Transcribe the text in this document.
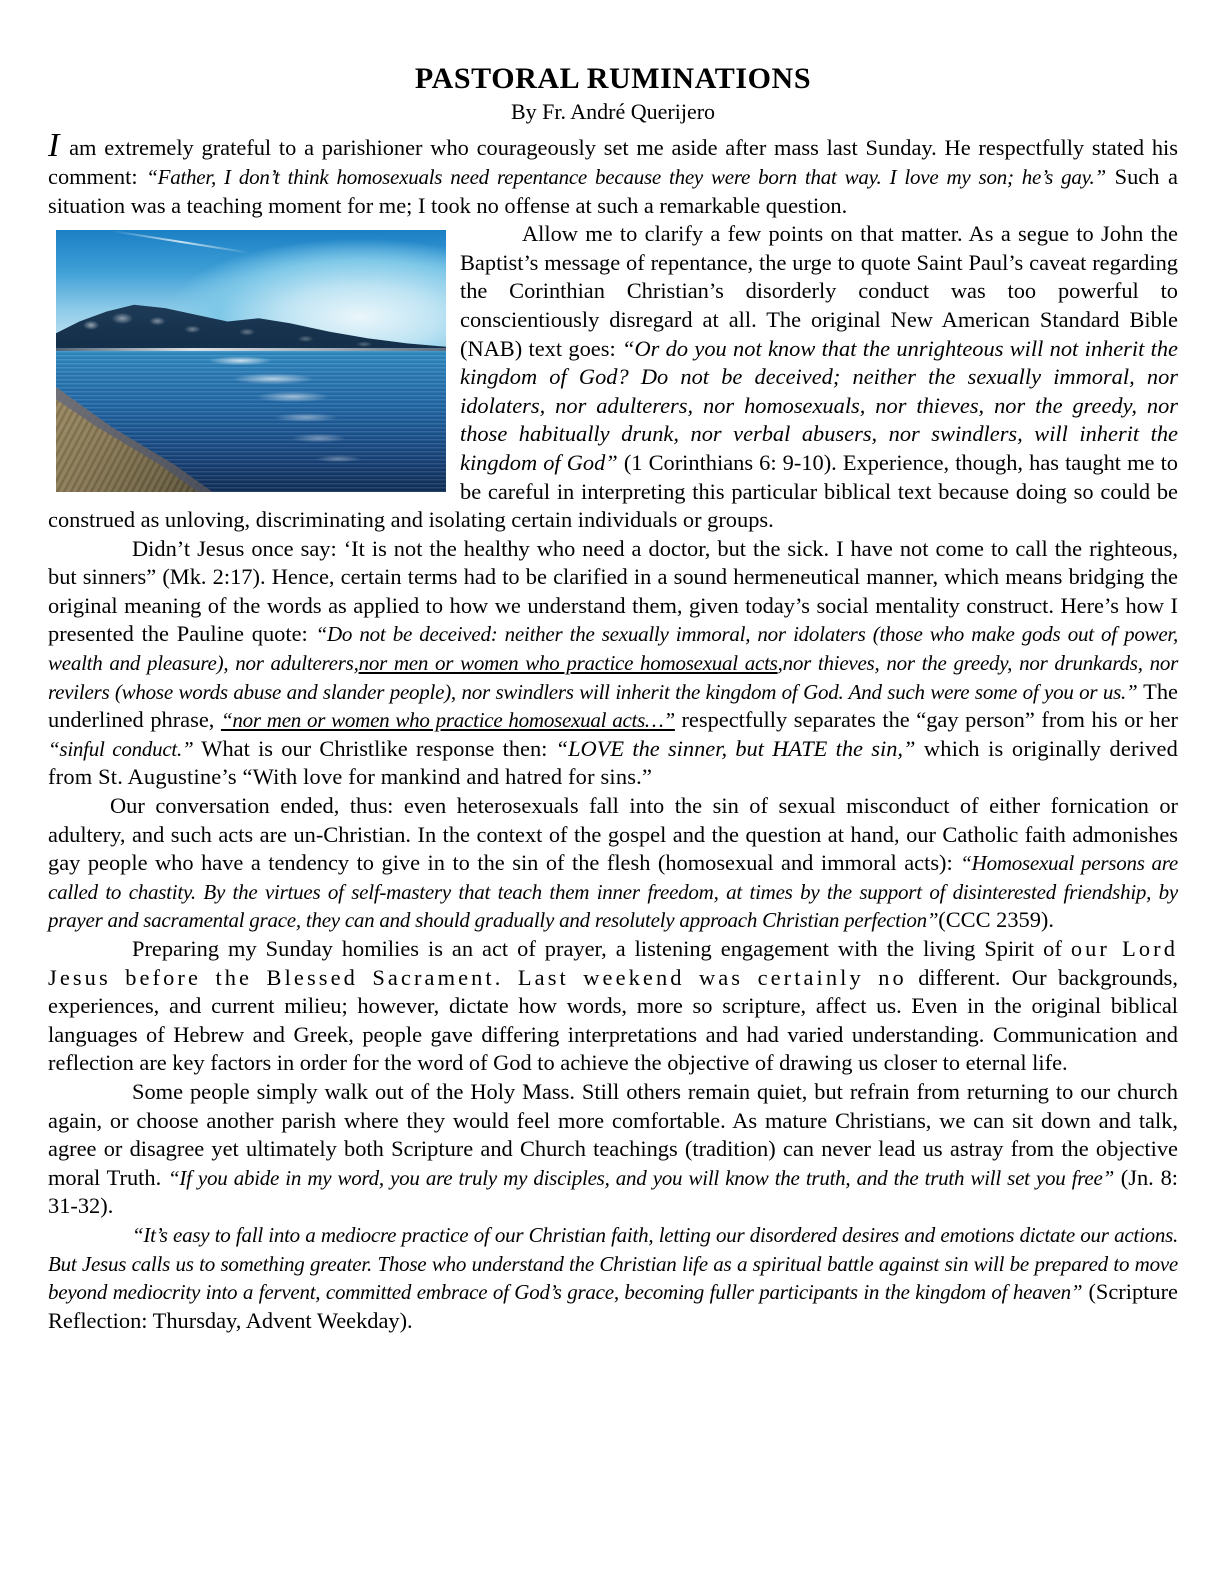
PASTORAL RUMINATIONS
By Fr. André Querijero

I am extremely grateful to a parishioner who courageously set me aside after mass last Sunday. He respectfully stated his comment: “Father, I don’t think homosexuals need repentance because they were born that way. I love my son; he’s gay.” Such a situation was a teaching moment for me; I took no offense at such a remarkable question.

Allow me to clarify a few points on that matter. As a segue to John the Baptist’s message of repentance, the urge to quote Saint Paul’s caveat regarding the Corinthian Christian’s disorderly conduct was too powerful to conscientiously disregard at all. The original New American Standard Bible (NAB) text goes: “Or do you not know that the unrighteous will not inherit the kingdom of God? Do not be deceived; neither the sexually immoral, nor idolaters, nor adulterers, nor homosexuals, nor thieves, nor the greedy, nor those habitually drunk, nor verbal abusers, nor swindlers, will inherit the kingdom of God” (1 Corinthians 6: 9-10). Experience, though, has taught me to be careful in interpreting this particular biblical text because doing so could be construed as unloving, discriminating and isolating certain individuals or groups.

Didn’t Jesus once say: ‘It is not the healthy who need a doctor, but the sick. I have not come to call the righteous, but sinners” (Mk. 2:17). Hence, certain terms had to be clarified in a sound hermeneutical manner, which means bridging the original meaning of the words as applied to how we understand them, given today’s social mentality construct. Here’s how I presented the Pauline quote: “Do not be deceived: neither the sexually immoral, nor idolaters (those who make gods out of power, wealth and pleasure), nor adulterers,nor men or women who practice homosexual acts,nor thieves, nor the greedy, nor drunkards, nor revilers (whose words abuse and slander people), nor swindlers will inherit the kingdom of God. And such were some of you or us.” The underlined phrase, “nor men or women who practice homosexual acts…” respectfully separates the “gay person” from his or her “sinful conduct.” What is our Christlike response then: “LOVE the sinner, but HATE the sin,” which is originally derived from St. Augustine’s “With love for mankind and hatred for sins.”

Our conversation ended, thus: even heterosexuals fall into the sin of sexual misconduct of either fornication or adultery, and such acts are un-Christian. In the context of the gospel and the question at hand, our Catholic faith admonishes gay people who have a tendency to give in to the sin of the flesh (homosexual and immoral acts): “Homosexual persons are called to chastity. By the virtues of self-mastery that teach them inner freedom, at times by the support of disinterested friendship, by prayer and sacramental grace, they can and should gradually and resolutely approach Christian perfection”(CCC 2359).

Preparing my Sunday homilies is an act of prayer, a listening engagement with the living Spirit of our Lord Jesus before the Blessed Sacrament. Last weekend was certainly no different. Our backgrounds, experiences, and current milieu; however, dictate how words, more so scripture, affect us. Even in the original biblical languages of Hebrew and Greek, people gave differing interpretations and had varied understanding. Communication and reflection are key factors in order for the word of God to achieve the objective of drawing us closer to eternal life.

Some people simply walk out of the Holy Mass. Still others remain quiet, but refrain from returning to our church again, or choose another parish where they would feel more comfortable. As mature Christians, we can sit down and talk, agree or disagree yet ultimately both Scripture and Church teachings (tradition) can never lead us astray from the objective moral Truth. “If you abide in my word, you are truly my disciples, and you will know the truth, and the truth will set you free” (Jn. 8: 31-32).

“It’s easy to fall into a mediocre practice of our Christian faith, letting our disordered desires and emotions dictate our actions. But Jesus calls us to something greater. Those who understand the Christian life as a spiritual battle against sin will be prepared to move beyond mediocrity into a fervent, committed embrace of God’s grace, becoming fuller participants in the kingdom of heaven” (Scripture Reflection: Thursday, Advent Weekday).
